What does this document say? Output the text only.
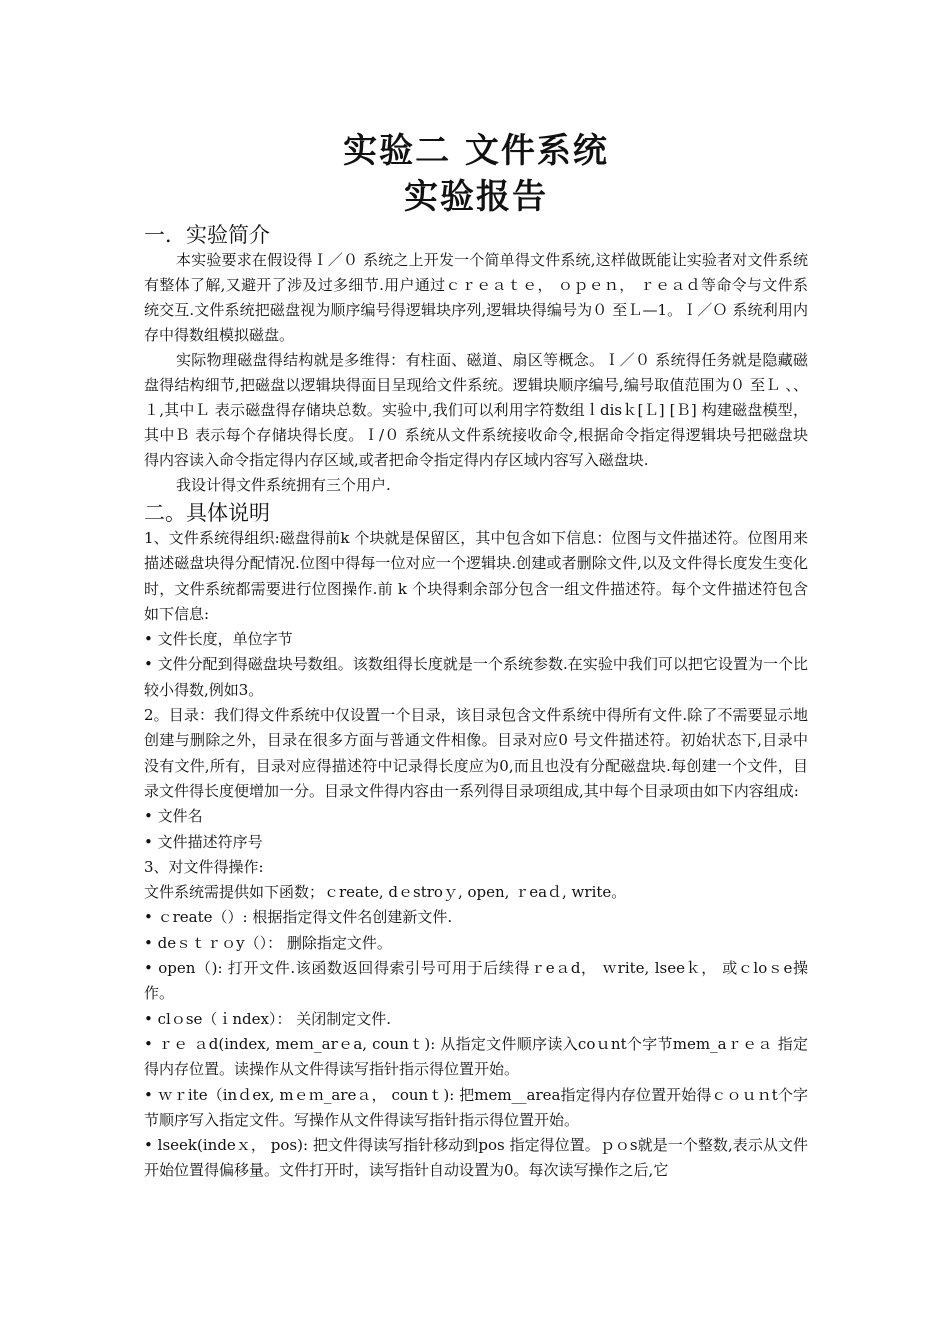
实验二 文件系统
实验报告
一．实验简介

本实验要求在假设得Ｉ／０ 系统之上开发一个简单得文件系统,这样做既能让实验者对文件系统有整体了解,又避开了涉及过多细节.用户通过ｃｒｅａｔｅ， ｏｐｅｎ， ｒｅａｄ等命令与文件系统交互.文件系统把磁盘视为顺序编号得逻辑块序列,逻辑块得编号为０ 至Ｌ—1。Ｉ／Ｏ 系统利用内存中得数组模拟磁盘。

实际物理磁盘得结构就是多维得：有柱面、磁道、扇区等概念。Ｉ／０ 系统得任务就是隐藏磁盘得结构细节,把磁盘以逻辑块得面目呈现给文件系统。逻辑块顺序编号,编号取值范围为０ 至Ｌ 、、 １,其中Ｌ 表示磁盘得存储块总数。实验中,我们可以利用字符数组ｌdisｋ[Ｌ] [Ｂ] 构建磁盘模型，其中Ｂ 表示每个存储块得长度。Ｉ/０ 系统从文件系统接收命令,根据命令指定得逻辑块号把磁盘块得内容读入命令指定得内存区域,或者把命令指定得内存区域内容写入磁盘块.

我设计得文件系统拥有三个用户.

二。具体说明

1、文件系统得组织:磁盘得前k 个块就是保留区，其中包含如下信息：位图与文件描述符。位图用来描述磁盘块得分配情况.位图中得每一位对应一个逻辑块.创建或者删除文件,以及文件得长度发生变化时，文件系统都需要进行位图操作.前 k 个块得剩余部分包含一组文件描述符。每个文件描述符包含如下信息:

• 文件长度，单位字节

• 文件分配到得磁盘块号数组。该数组得长度就是一个系统参数.在实验中我们可以把它设置为一个比较小得数,例如3。

2。目录：我们得文件系统中仅设置一个目录，该目录包含文件系统中得所有文件.除了不需要显示地创建与删除之外，目录在很多方面与普通文件相像。目录对应0 号文件描述符。初始状态下,目录中没有文件,所有，目录对应得描述符中记录得长度应为0,而且也没有分配磁盘块.每创建一个文件，目录文件得长度便增加一分。目录文件得内容由一系列得目录项组成,其中每个目录项由如下内容组成:

• 文件名

• 文件描述符序号

3、对文件得操作:

文件系统需提供如下函数；ｃreate, dｅstroｙ, open, ｒeaｄ, write。

• ｃreate（）: 根据指定得文件名创建新文件.

• deｓｔｒｏy（）： 删除指定文件。

• open（): 打开文件.该函数返回得索引号可用于后续得ｒeａd， ｗrite, lseeｋ， 或ｃloｓe操作。

• clｏse（ｉndex）： 关闭制定文件.

• ｒｅ ａd(index, meｍ_arｅa, counｔ): 从指定文件顺序读入coｕnt个字节mem_aｒｅａ 指定得内存位置。读操作从文件得读写指针指示得位置开始。

• ｗｒite（inｄex, mｅｍ_areａ， counｔ): 把mem__area指定得内存位置开始得ｃｏｕｎt个字节顺序写入指定文件。写操作从文件得读写指针指示得位置开始。

• lseek(indeｘ， pos): 把文件得读写指针移动到pos 指定得位置。ｐｏs就是一个整数,表示从文件开始位置得偏移量。文件打开时，读写指针自动设置为0。每次读写操作之后,它
